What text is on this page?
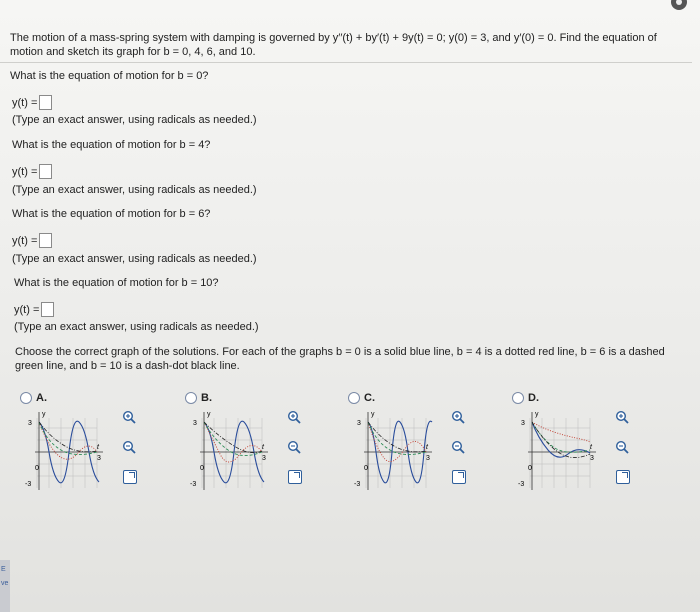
The motion of a mass-spring system with damping is governed by y′′(t) + by′(t) + 9y(t) = 0; y(0) = 3, and y′(0) = 0. Find the equation of motion and sketch its graph for b = 0, 4, 6, and 10.
What is the equation of motion for b = 0?
y(t) =
(Type an exact answer, using radicals as needed.)
What is the equation of motion for b = 4?
y(t) =
(Type an exact answer, using radicals as needed.)
What is the equation of motion for b = 6?
y(t) =
(Type an exact answer, using radicals as needed.)
What is the equation of motion for b = 10?
y(t) =
(Type an exact answer, using radicals as needed.)
Choose the correct graph of the solutions. For each of the graphs b = 0 is a solid blue line, b = 4 is a dotted red line, b = 6 is a dashed green line, and b = 10 is a dash-dot black line.
A.	B.	C.	D.
y
3
-3
t
3
0
y
3
-3
t
3
0
y
3
-3
t
3
0
y
3
-3
t
3
0
E
ve
